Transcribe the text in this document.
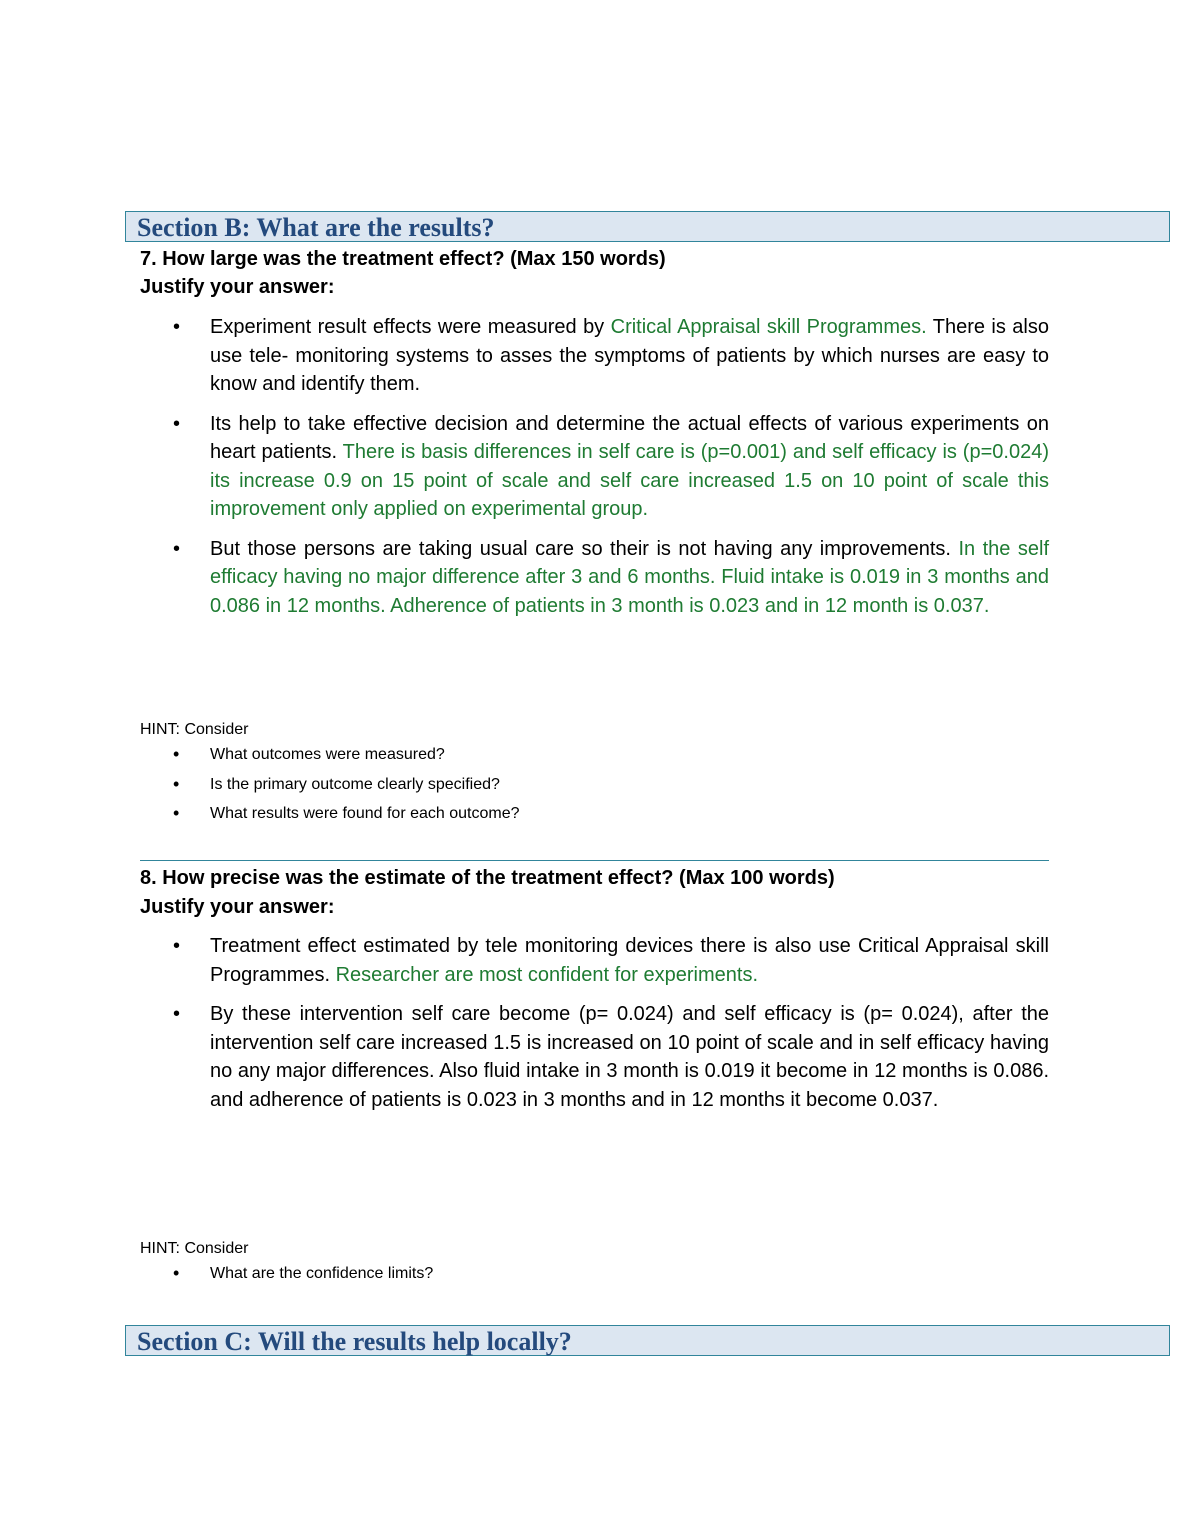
Section B: What are the results?
7. How large was the treatment effect? (Max 150 words)
Justify your answer:
• Experiment result effects were measured by Critical Appraisal skill Programmes. There is also use tele- monitoring systems to asses the symptoms of patients by which nurses are easy to know and identify them.
• Its help to take effective decision and determine the actual effects of various experiments on heart patients. There is basis differences in self care is (p=0.001) and self efficacy is (p=0.024) its increase 0.9 on 15 point of scale and self care increased 1.5 on 10 point of scale this improvement only applied on experimental group.
• But those persons are taking usual care so their is not having any improvements. In the self efficacy having no major difference after 3 and 6 months. Fluid intake is 0.019 in 3 months and 0.086 in 12 months. Adherence of patients in 3 month is 0.023 and in 12 month is 0.037.
HINT: Consider
• What outcomes were measured?
• Is the primary outcome clearly specified?
• What results were found for each outcome?
8. How precise was the estimate of the treatment effect? (Max 100 words)
Justify your answer:
• Treatment effect estimated by tele monitoring devices there is also use Critical Appraisal skill Programmes. Researcher are most confident for experiments.
• By these intervention self care become (p= 0.024) and self efficacy is (p= 0.024), after the intervention self care increased 1.5 is increased on 10 point of scale and in self efficacy having no any major differences. Also fluid intake in 3 month is 0.019 it become in 12 months is 0.086. and adherence of patients is 0.023 in 3 months and in 12 months it become 0.037.
HINT: Consider
• What are the confidence limits?
Section C: Will the results help locally?
